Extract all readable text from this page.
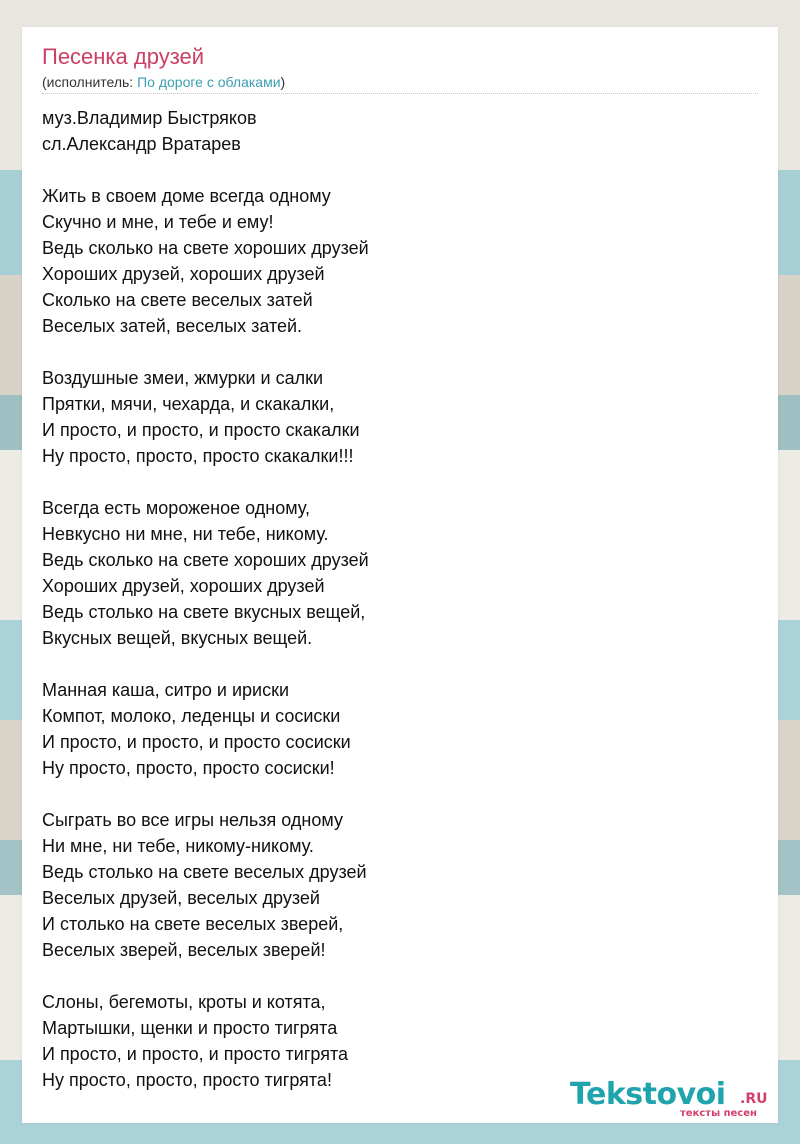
Песенка друзей
(исполнитель: По дороге с облаками)
муз.Владимир Быстряков
сл.Александр Вратарев
Жить в своем доме всегда одному
Скучно и мне, и тебе и ему!
Ведь сколько на свете хороших друзей
Хороших друзей, хороших друзей
Сколько на свете веселых затей
Веселых затей, веселых затей.
Воздушные змеи, жмурки и салки
Прятки, мячи, чехарда, и скакалки,
И просто, и просто, и просто скакалки
Ну просто, просто, просто скакалки!!!
Всегда есть мороженое одному,
Невкусно ни мне, ни тебе, никому.
Ведь сколько на свете хороших друзей
Хороших друзей, хороших друзей
Ведь столько на свете вкусных вещей,
Вкусных вещей, вкусных вещей.
Манная каша, ситро и ириски
Компот, молоко, леденцы и сосиски
И просто, и просто, и просто сосиски
Ну просто, просто, просто сосиски!
Сыграть во все игры нельзя одному
Ни мне, ни тебе, никому-никому.
Ведь столько на свете веселых друзей
Веселых друзей, веселых друзей
И столько на свете веселых зверей,
Веселых зверей, веселых зверей!
Слоны, бегемоты, кроты и котята,
Мартышки, щенки и просто тигрята
И просто, и просто, и просто тигрята
Ну просто, просто, просто тигрята!	Tekstovoi .RU
тексты песен
